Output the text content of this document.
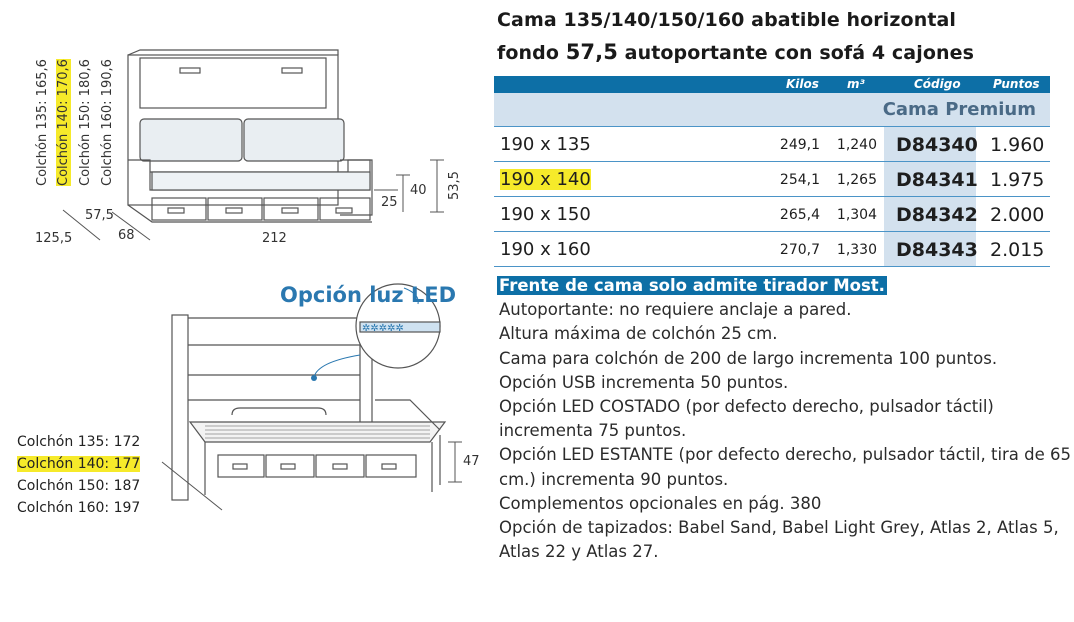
Colchón 135: 165,6 Colchón 140: 170,6 Colchón 150: 180,6 Colchón 160: 190,6
57,5
125,5	68	212
25
40 53,5
✲✲✲✲✲
Opción luz LED
47
Colchón 135: 172
Colchón 140: 177
Colchón 150: 187
Colchón 160: 197
Cama 135/140/150/160 abatible horizontal
fondo 57,5 autoportante con sofá 4 cajones
Kilos m³	Código	Puntos
Cama Premium
190 x 135	249,1 1,240 D84340 1.960
190 x 140	254,1 1,265 D84341 1.975
190 x 150	265,4 1,304 D84342 2.000
190 x 160	270,7 1,330 D84343 2.015
Frente de cama solo admite tirador Most.
Autoportante: no requiere anclaje a pared.
Altura máxima de colchón 25 cm.
Cama para colchón de 200 de largo incrementa 100 puntos.
Opción USB incrementa 50 puntos.
Opción LED COSTADO (por defecto derecho, pulsador táctil)
incrementa 75 puntos.
Opción LED ESTANTE (por defecto derecho, pulsador táctil, tira de 65
cm.) incrementa 90 puntos.
Complementos opcionales en pág. 380
Opción de tapizados: Babel Sand, Babel Light Grey, Atlas 2, Atlas 5,
Atlas 22 y Atlas 27.
